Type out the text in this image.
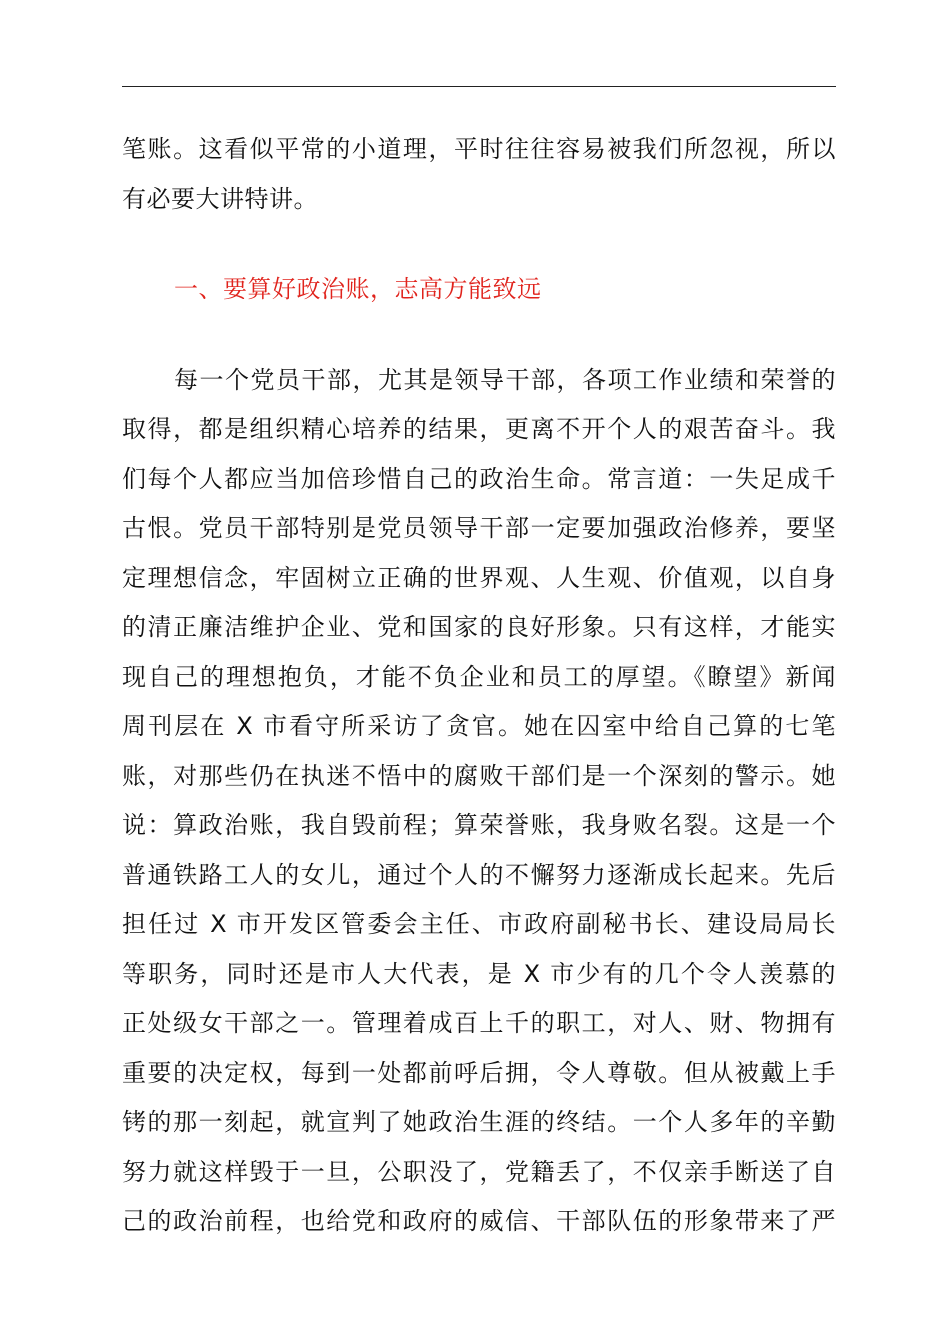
笔账。这看似平常的小道理，平时往往容易被我们所忽视，所以
有必要大讲特讲。
一、要算好政治账，志高方能致远
每一个党员干部，尤其是领导干部，各项工作业绩和荣誉的
取得，都是组织精心培养的结果，更离不开个人的艰苦奋斗。我
们每个人都应当加倍珍惜自己的政治生命。常言道：一失足成千
古恨。党员干部特别是党员领导干部一定要加强政治修养，要坚
定理想信念，牢固树立正确的世界观、人生观、价值观，以自身
的清正廉洁维护企业、党和国家的良好形象。只有这样，才能实
现自己的理想抱负，才能不负企业和员工的厚望。《瞭望》新闻
周刊层在 X 市看守所采访了贪官。她在囚室中给自己算的七笔
账，对那些仍在执迷不悟中的腐败干部们是一个深刻的警示。她
说：算政治账，我自毁前程；算荣誉账，我身败名裂。这是一个
普通铁路工人的女儿，通过个人的不懈努力逐渐成长起来。先后
担任过 X 市开发区管委会主任、市政府副秘书长、建设局局长
等职务，同时还是市人大代表，是 X 市少有的几个令人羡慕的
正处级女干部之一。管理着成百上千的职工，对人、财、物拥有
重要的决定权，每到一处都前呼后拥，令人尊敬。但从被戴上手
铐的那一刻起，就宣判了她政治生涯的终结。一个人多年的辛勤
努力就这样毁于一旦，公职没了，党籍丢了，不仅亲手断送了自
己的政治前程，也给党和政府的威信、干部队伍的形象带来了严
